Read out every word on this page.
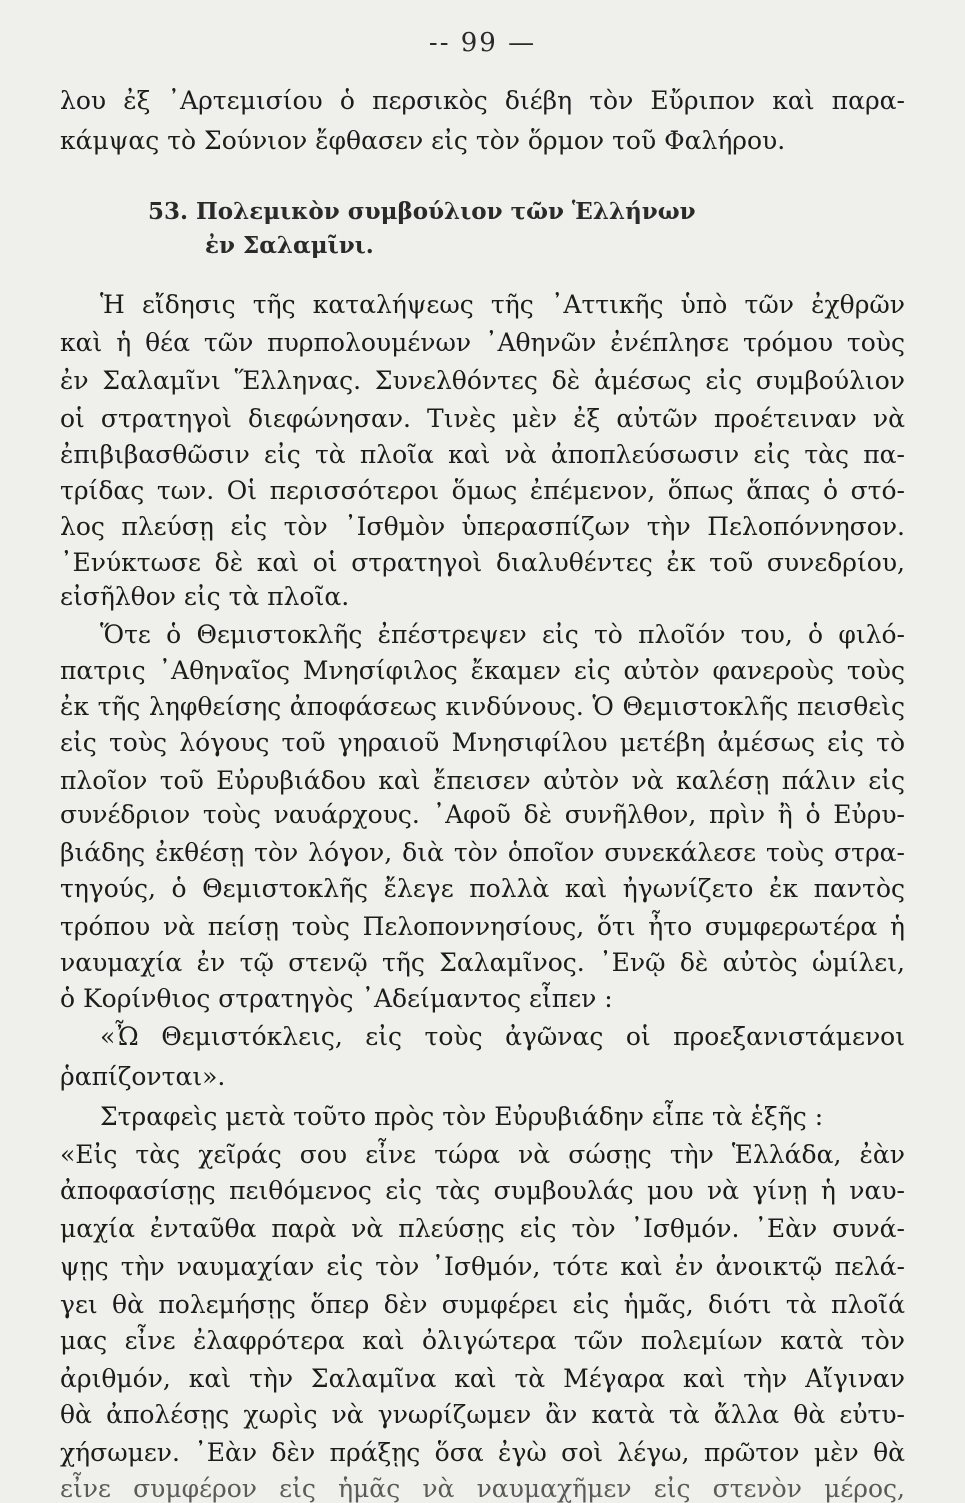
-- 99 —
λου ἐξ ᾿Αρτεμισίου ὁ περσικὸς διέβη τὸν Εὔριπον καὶ παρα-
κάμψας τὸ Σούνιον ἔφθασεν εἰς τὸν ὅρμον τοῦ Φαλήρου.
53. Πολεμικὸν συμβούλιον τῶν Ἑλλήνων
ἐν Σαλαμῖνι.
Ἡ εἴδησις τῆς καταλήψεως τῆς ᾿Αττικῆς ὑπὸ τῶν ἐχθρῶν
καὶ ἡ θέα τῶν πυρπολουμένων ᾿Αθηνῶν ἐνέπλησε τρόμου τοὺς
ἐν Σαλαμῖνι Ἕλληνας. Συνελθόντες δὲ ἀμέσως εἰς συμβούλιον
οἱ στρατηγοὶ διεφώνησαν. Τινὲς μὲν ἐξ αὐτῶν προέτειναν νὰ
ἐπιβιβασθῶσιν εἰς τὰ πλοῖα καὶ νὰ ἀποπλεύσωσιν εἰς τὰς πα-
τρίδας των. Οἱ περισσότεροι ὅμως ἐπέμενον, ὅπως ἅπας ὁ στό-
λος πλεύσῃ εἰς τὸν ᾿Ισθμὸν ὑπερασπίζων τὴν Πελοπόννησον.
᾿Ενύκτωσε δὲ καὶ οἱ στρατηγοὶ διαλυθέντες ἐκ τοῦ συνεδρίου,
εἰσῆλθον εἰς τὰ πλοῖα.
Ὅτε ὁ Θεμιστοκλῆς ἐπέστρεψεν εἰς τὸ πλοῖόν του, ὁ φιλό-
πατρις ᾿Αθηναῖος Μνησίφιλος ἔκαμεν εἰς αὐτὸν φανεροὺς τοὺς
ἐκ τῆς ληφθείσης ἀποφάσεως κινδύνους. Ὁ Θεμιστοκλῆς πεισθεὶς
εἰς τοὺς λόγους τοῦ γηραιοῦ Μνησιφίλου μετέβη ἀμέσως εἰς τὸ
πλοῖον τοῦ Εὐρυβιάδου καὶ ἔπεισεν αὐτὸν νὰ καλέσῃ πάλιν εἰς
συνέδριον τοὺς ναυάρχους. ᾿Αφοῦ δὲ συνῆλθον, πρὶν ἢ ὁ Εὐρυ-
βιάδης ἐκθέσῃ τὸν λόγον, διὰ τὸν ὁποῖον συνεκάλεσε τοὺς στρα-
τηγούς, ὁ Θεμιστοκλῆς ἔλεγε πολλὰ καὶ ἠγωνίζετο ἐκ παντὸς
τρόπου νὰ πείσῃ τοὺς Πελοποννησίους, ὅτι ἦτο συμφερωτέρα ἡ
ναυμαχία ἐν τῷ στενῷ τῆς Σαλαμῖνος. ᾿Ενῷ δὲ αὐτὸς ὡμίλει,
ὁ Κορίνθιος στρατηγὸς ᾿Αδείμαντος εἶπεν :
«Ὦ Θεμιστόκλεις, εἰς τοὺς ἀγῶνας οἱ προεξανιστάμενοι
ῥαπίζονται».
Στραφεὶς μετὰ τοῦτο πρὸς τὸν Εὐρυβιάδην εἶπε τὰ ἑξῆς :
«Εἰς τὰς χεῖράς σου εἶνε τώρα νὰ σώσῃς τὴν Ἑλλάδα, ἐὰν
ἀποφασίσῃς πειθόμενος εἰς τὰς συμβουλάς μου νὰ γίνῃ ἡ ναυ-
μαχία ἐνταῦθα παρὰ νὰ πλεύσῃς εἰς τὸν ᾿Ισθμόν. ᾿Εὰν συνά-
ψῃς τὴν ναυμαχίαν εἰς τὸν ᾿Ισθμόν, τότε καὶ ἐν ἀνοικτῷ πελά-
γει θὰ πολεμήσῃς ὅπερ δὲν συμφέρει εἰς ἡμᾶς, διότι τὰ πλοῖά
μας εἶνε ἐλαφρότερα καὶ ὀλιγώτερα τῶν πολεμίων κατὰ τὸν
ἀριθμόν, καὶ τὴν Σαλαμῖνα καὶ τὰ Μέγαρα καὶ τὴν Αἴγιναν
θὰ ἀπολέσῃς χωρὶς νὰ γνωρίζωμεν ἂν κατὰ τὰ ἄλλα θὰ εὐτυ-
χήσωμεν. ᾿Εὰν δὲν πράξῃς ὅσα ἐγὼ σοὶ λέγω, πρῶτον μὲν θὰ
εἶνε συμφέρον εἰς ἡμᾶς νὰ ναυμαχῆμεν εἰς στενὸν μέρος,
